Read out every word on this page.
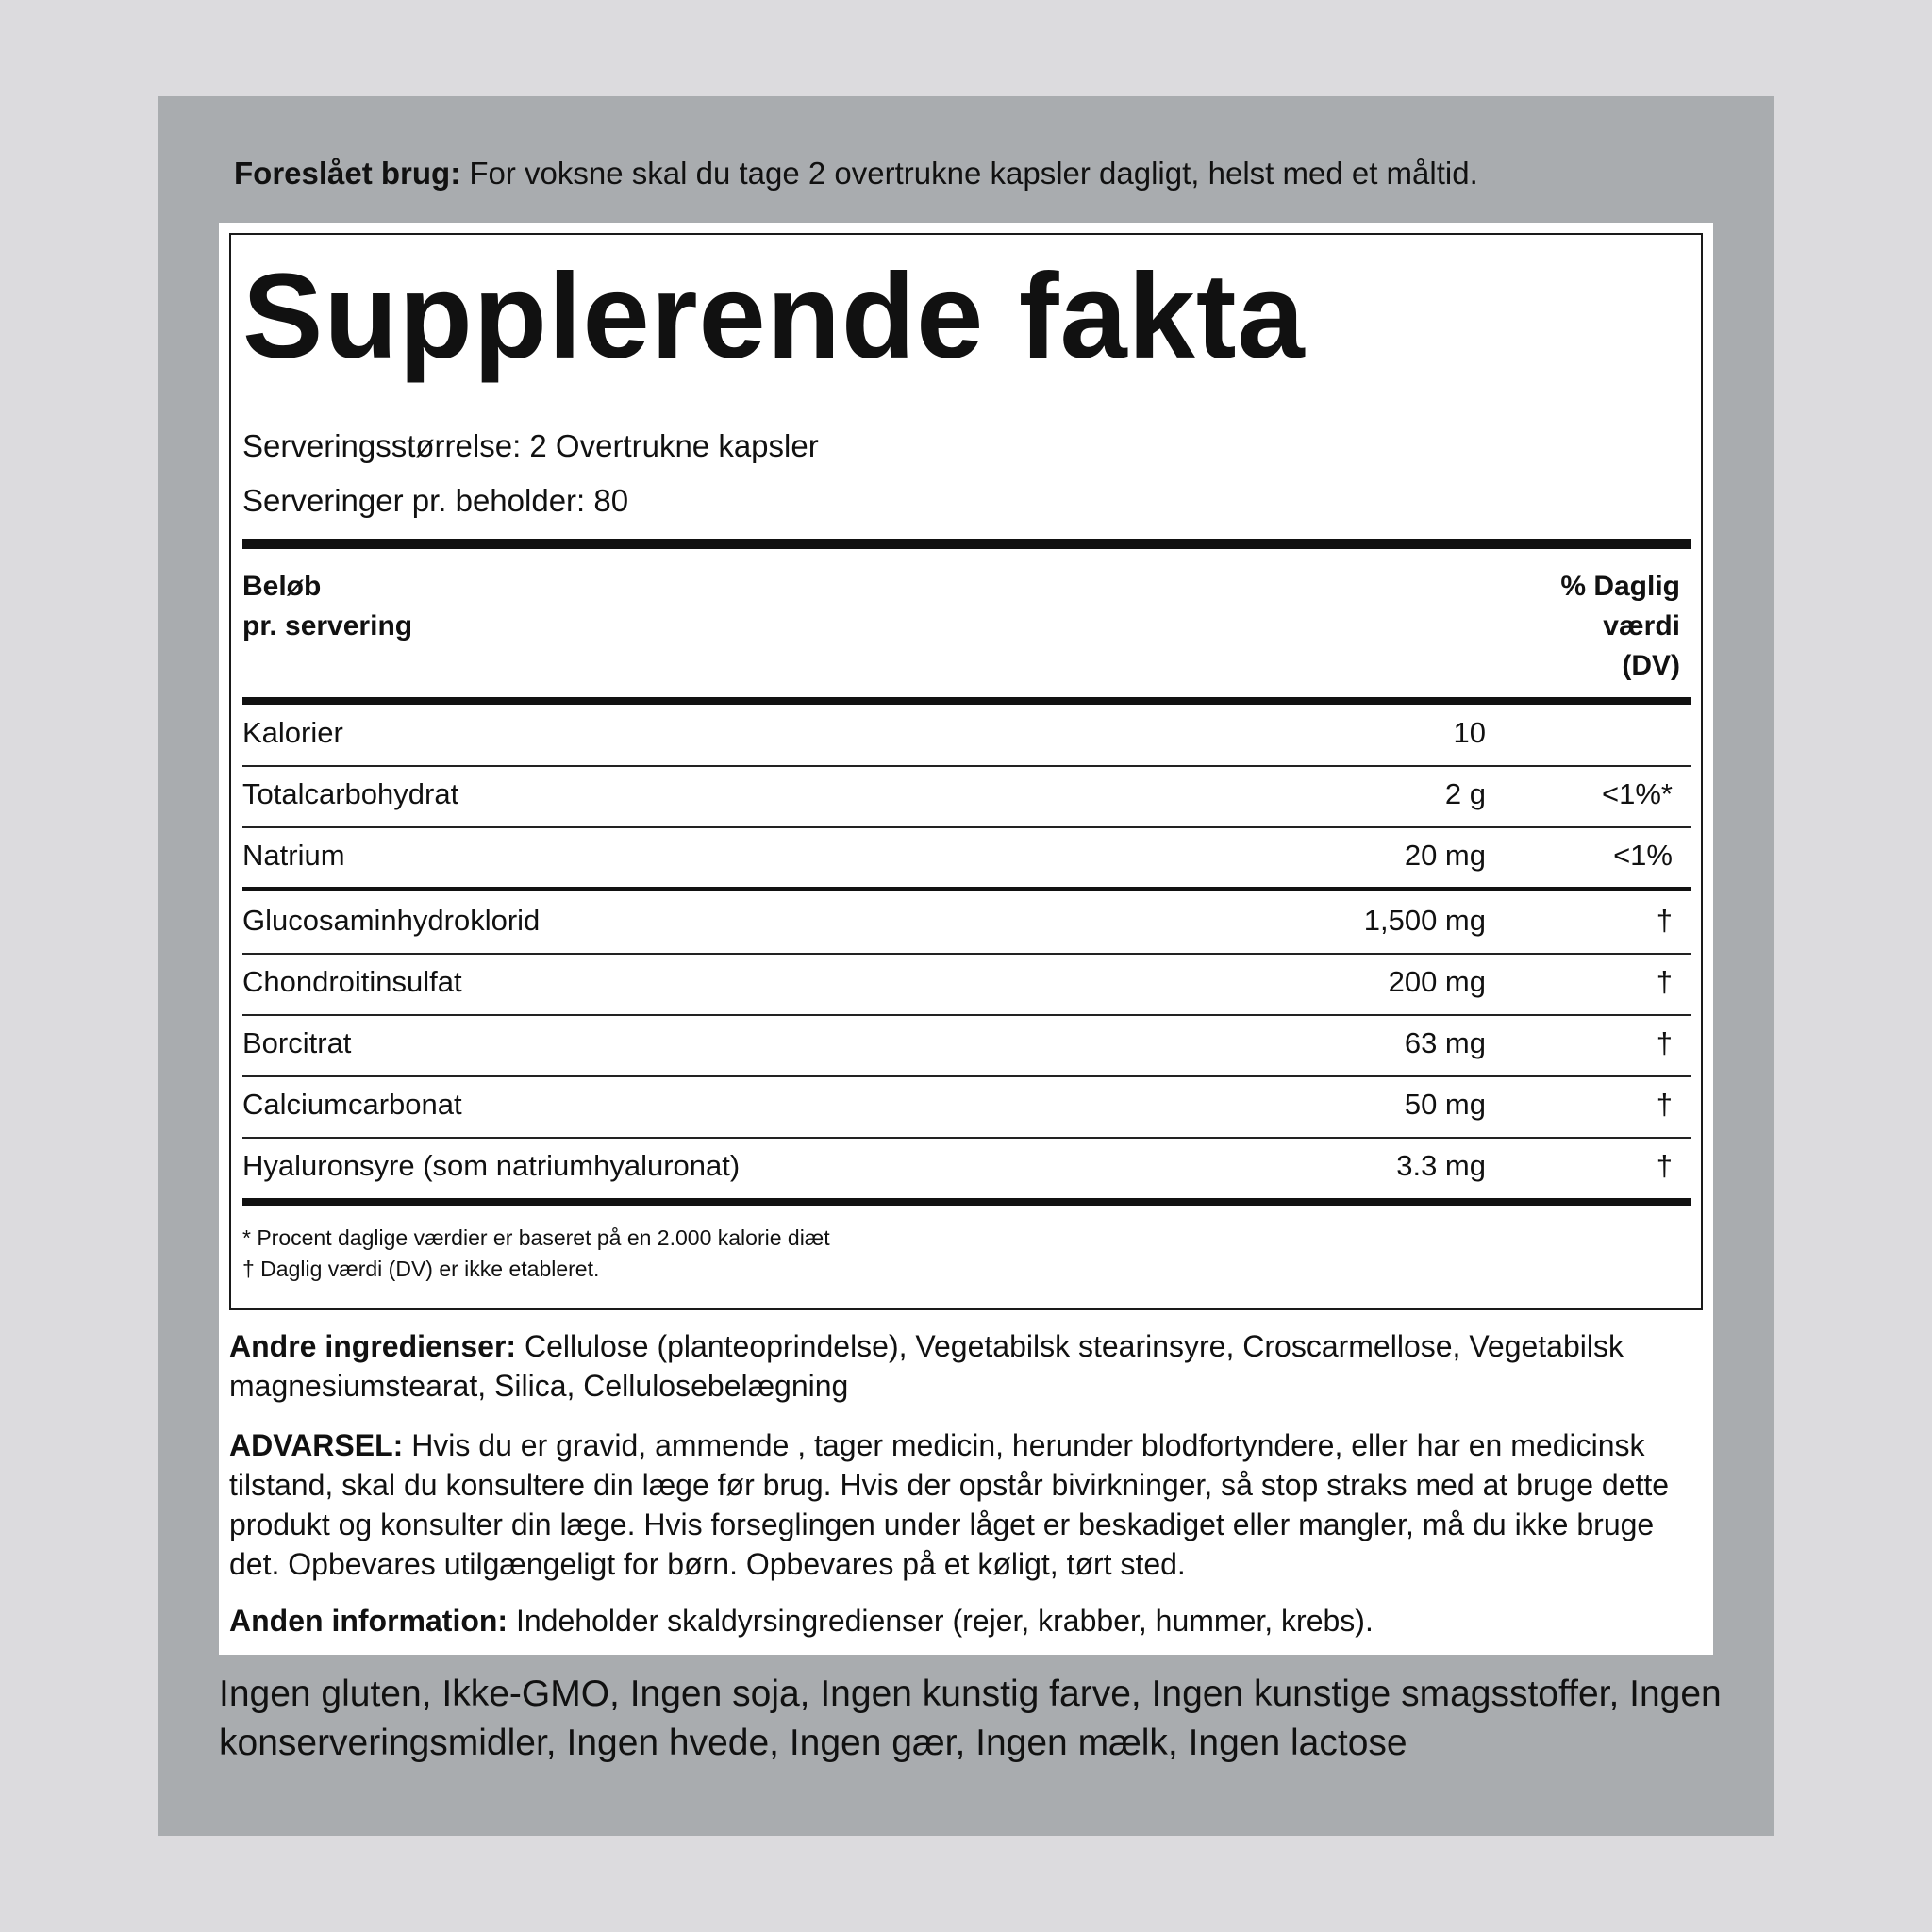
Foreslået brug: For voksne skal du tage 2 overtrukne kapsler dagligt, helst med et måltid.
Supplerende fakta
Serveringsstørrelse: 2 Overtrukne kapsler
Serveringer pr. beholder: 80
Beløb
pr. servering
% Daglig
værdi
(DV)
Kalorier	10
Totalcarbohydrat	2 g	<1%*
Natrium	20 mg	<1%
Glucosaminhydroklorid	1,500 mg	†
Chondroitinsulfat	200 mg	†
Borcitrat	63 mg	†
Calciumcarbonat	50 mg	†
Hyaluronsyre (som natriumhyaluronat)	3.3 mg	†
* Procent daglige værdier er baseret på en 2.000 kalorie diæt
† Daglig værdi (DV) er ikke etableret.
Andre ingredienser: Cellulose (planteoprindelse), Vegetabilsk stearinsyre, Croscarmellose, Vegetabilsk magnesiumstearat, Silica, Cellulosebelægning
ADVARSEL: Hvis du er gravid, ammende , tager medicin, herunder blodfortyndere, eller har en medicinsk tilstand, skal du konsultere din læge før brug. Hvis der opstår bivirkninger, så stop straks med at bruge dette produkt og konsulter din læge. Hvis forseglingen under låget er beskadiget eller mangler, må du ikke bruge det. Opbevares utilgængeligt for børn. Opbevares på et køligt, tørt sted.
Anden information: Indeholder skaldyrsingredienser (rejer, krabber, hummer, krebs).
Ingen gluten, Ikke-GMO, Ingen soja, Ingen kunstig farve, Ingen kunstige smagsstoffer, Ingen konserveringsmidler, Ingen hvede, Ingen gær, Ingen mælk, Ingen lactose
